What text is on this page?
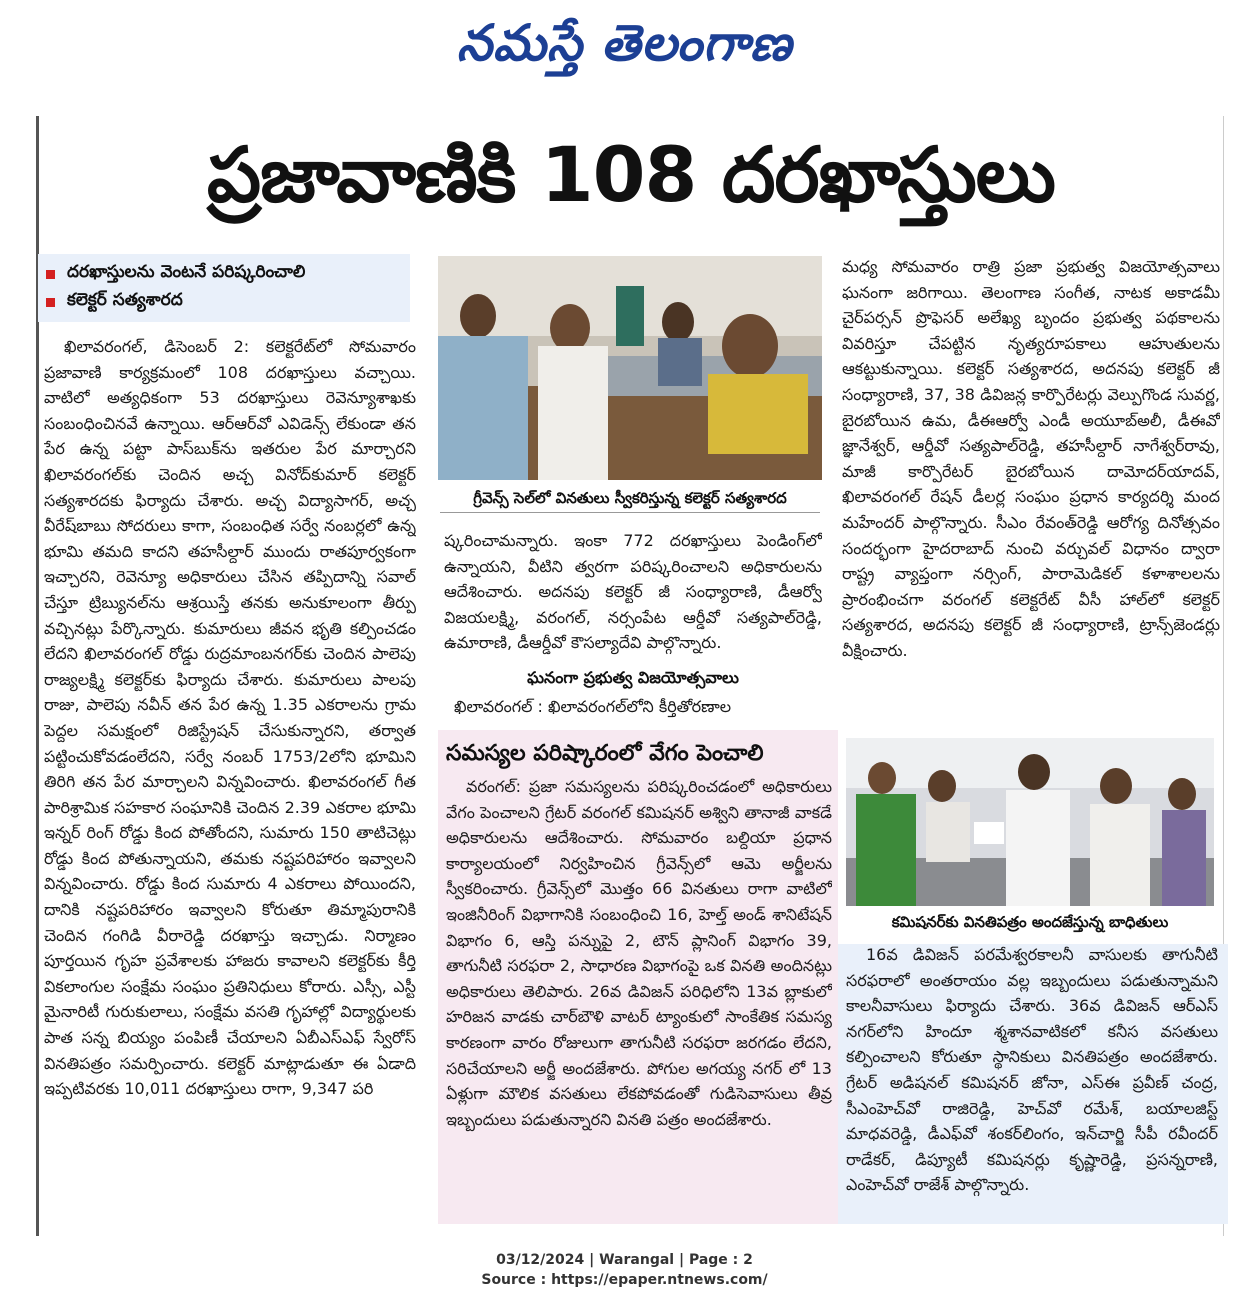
నమస్తే తెలంగాణ
ప్రజావాణికి 108 దరఖాస్తులు
దరఖాస్తులను వెంటనే పరిష్కరించాలి
కలెక్టర్ సత్యశారద

ఖిలావరంగల్, డిసెంబర్ 2: కలెక్టరేట్‌లో సోమవారం ప్రజావాణి కార్యక్రమంలో 108 దరఖాస్తులు వచ్చాయి. వాటిలో అత్యధికంగా 53 దరఖాస్తులు రెవెన్యూశాఖకు సంబంధించినవే ఉన్నాయి. ఆర్‌ఆర్‌వో ఎవిడెన్స్ లేకుండా తన పేర ఉన్న పట్టా పాస్‌బుక్‌ను ఇతరుల పేర మార్చారని ఖిలావరంగల్‌కు చెందిన అచ్చ వినోద్‌కుమార్ కలెక్టర్ సత్యశారదకు ఫిర్యాదు చేశారు. అచ్చ విద్యాసాగర్, అచ్చ వీరేష్‌బాబు సోదరులు కాగా, సంబంధిత సర్వే నంబర్లలో ఉన్న భూమి తమది కాదని తహసీల్దార్ ముందు రాతపూర్వకంగా ఇచ్చారని, రెవెన్యూ అధికారులు చేసిన తప్పిదాన్ని సవాల్ చేస్తూ ట్రిబ్యునల్‌ను ఆశ్రయిస్తే తనకు అనుకూలంగా తీర్పు వచ్చినట్లు పేర్కొన్నారు. కుమారులు జీవన భృతి కల్పించడం లేదని ఖిలావరంగల్ రోడ్డు రుద్రమాంబనగర్‌కు చెందిన పాలెపు రాజ్యలక్ష్మి కలెక్టర్‌కు ఫిర్యాదు చేశారు. కుమారులు పాలపు రాజు, పాలెపు నవీన్ తన పేర ఉన్న 1.35 ఎకరాలను గ్రామ పెద్దల సమక్షంలో రిజిస్ట్రేషన్ చేసుకున్నారని, తర్వాత పట్టించుకోవడంలేదని, సర్వే నంబర్ 1753/2లోని భూమిని తిరిగి తన పేర మార్చాలని విన్నవించారు. ఖిలావరంగల్ గీత పారిశ్రామిక సహకార సంఘానికి చెందిన 2.39 ఎకరాల భూమి ఇన్నర్ రింగ్ రోడ్డు కింద పోతోందని, సుమారు 150 తాటిచెట్లు రోడ్డు కింద పోతున్నాయని, తమకు నష్టపరిహారం ఇవ్వాలని విన్నవించారు. రోడ్డు కింద సుమారు 4 ఎకరాలు పోయిందని, దానికి నష్టపరిహారం ఇవ్వాలని కోరుతూ తిమ్మాపురానికి చెందిన గంగిడి వీరారెడ్డి దరఖాస్తు ఇచ్చాడు. నిర్మాణం పూర్తయిన గృహ ప్రవేశాలకు హాజరు కావాలని కలెక్టర్‌కు కీర్తి వికలాంగుల సంక్షేమ సంఘం ప్రతినిధులు కోరారు. ఎస్సీ, ఎస్టీ మైనారిటీ గురుకులాలు, సంక్షేమ వసతి గృహాల్లో విద్యార్థులకు పాత సన్న బియ్యం పంపిణీ చేయాలని ఏబీఎస్‌ఎఫ్ స్వేరోస్ వినతిపత్రం సమర్పించారు. కలెక్టర్ మాట్లాడుతూ ఈ ఏడాది ఇప్పటివరకు 10,011 దరఖాస్తులు రాగా, 9,347 పరి

గ్రీవెన్స్ సెల్‌లో వినతులు స్వీకరిస్తున్న కలెక్టర్ సత్యశారద

ష్కరించామన్నారు. ఇంకా 772 దరఖాస్తులు పెండింగ్‌లో ఉన్నాయని, వీటిని త్వరగా పరిష్కరించాలని అధికారులను ఆదేశించారు. అదనపు కలెక్టర్ జీ సంధ్యారాణి, డీఆర్వో విజయలక్ష్మి, వరంగల్, నర్సంపేట ఆర్డీవో సత్యపాల్‌రెడ్డి, ఉమారాణి, డీఆర్డీవో కౌసల్యాదేవి పాల్గొన్నారు.

ఘనంగా ప్రభుత్వ విజయోత్సవాలు

ఖిలావరంగల్ : ఖిలావరంగల్‌లోని కీర్తితోరణాల

మధ్య సోమవారం రాత్రి ప్రజా ప్రభుత్వ విజయోత్సవాలు ఘనంగా జరిగాయి. తెలంగాణ సంగీత, నాటక అకాడమీ చైర్‌పర్సన్ ప్రొఫెసర్ అలేఖ్య బృందం ప్రభుత్వ పథకాలను వివరిస్తూ చేపట్టిన నృత్యరూపకాలు ఆహుతులను ఆకట్టుకున్నాయి. కలెక్టర్ సత్యశారద, అదనపు కలెక్టర్ జీ సంధ్యారాణి, 37, 38 డివిజన్ల కార్పొరేటర్లు వెల్పుగొండ సువర్ణ, బైరబోయిన ఉమ, డీఈఆర్వో ఎండీ అయూబ్‌అలీ, డీఈవో జ్ఞానేశ్వర్, ఆర్డీవో సత్యపాల్‌రెడ్డి, తహసీల్దార్ నాగేశ్వర్‌రావు, మాజీ కార్పొరేటర్ బైరబోయిన దామోదర్‌యాదవ్, ఖిలావరంగల్ రేషన్ డీలర్ల సంఘం ప్రధాన కార్యదర్శి మంద మహేందర్ పాల్గొన్నారు. సీఎం రేవంత్‌రెడ్డి ఆరోగ్య దినోత్సవం సందర్భంగా హైదరాబాద్ నుంచి వర్చువల్ విధానం ద్వారా రాష్ట్ర వ్యాప్తంగా నర్సింగ్, పారామెడికల్ కళాశాలలను ప్రారంభించగా వరంగల్ కలెక్టరేట్ వీసీ హాల్‌లో కలెక్టర్ సత్యశారద, అదనపు కలెక్టర్ జీ సంధ్యారాణి, ట్రాన్స్‌జెండర్లు వీక్షించారు.

సమస్యల పరిష్కారంలో వేగం పెంచాలి

వరంగల్: ప్రజా సమస్యలను పరిష్కరించడంలో అధికారులు వేగం పెంచాలని గ్రేటర్ వరంగల్ కమిషనర్ అశ్విని తానాజీ వాకడే అధికారులను ఆదేశించారు. సోమవారం బల్దియా ప్రధాన కార్యాలయంలో నిర్వహించిన గ్రీవెన్స్‌లో ఆమె అర్జీలను స్వీకరించారు. గ్రీవెన్స్‌లో మొత్తం 66 వినతులు రాగా వాటిలో ఇంజినీరింగ్ విభాగానికి సంబంధించి 16, హెల్త్ అండ్ శానిటేషన్ విభాగం 6, ఆస్తి పన్నుపై 2, టౌన్ ప్లానింగ్ విభాగం 39, తాగునీటి సరఫరా 2, సాధారణ విభాగంపై ఒక వినతి అందినట్లు అధికారులు తెలిపారు. 26వ డివిజన్ పరిధిలోని 13వ బ్లాకులో హరిజన వాడకు చార్‌బౌళి వాటర్ ట్యాంకులో సాంకేతిక సమస్య కారణంగా వారం రోజులుగా తాగునీటి సరఫరా జరగడం లేదని, సరిచేయాలని అర్జీ అందజేశారు. పోగుల అగయ్య నగర్ లో 13 ఏళ్లుగా మౌలిక వసతులు లేకపోవడంతో గుడిసెవాసులు తీవ్ర ఇబ్బందులు పడుతున్నారని వినతి పత్రం అందజేశారు.

కమిషనర్‌కు వినతిపత్రం అందజేస్తున్న బాధితులు

16వ డివిజన్ పరమేశ్వరకాలనీ వాసులకు తాగునీటి సరఫరాలో అంతరాయం వల్ల ఇబ్బందులు పడుతున్నామని కాలనీవాసులు ఫిర్యాదు చేశారు. 36వ డివిజన్ ఆర్‌ఎస్ నగర్‌లోని హిందూ శ్మశానవాటికలో కనీస వసతులు కల్పించాలని కోరుతూ స్థానికులు వినతిపత్రం అందజేశారు. గ్రేటర్ అడిషనల్ కమిషనర్ జోనా, ఎస్‌ఈ ప్రవీణ్ చంద్ర, సీఎంహెచ్‌వో రాజిరెడ్డి, హెచ్‌వో రమేశ్, బయాలజిస్ట్ మాధవరెడ్డి, డీఎఫ్‌వో శంకర్‌లింగం, ఇన్‌చార్జి సీపీ రవీందర్ రాడేకర్, డిప్యూటీ కమిషనర్లు కృష్ణారెడ్డి, ప్రసన్నరాణి, ఎంహెచ్‌వో రాజేశ్ పాల్గొన్నారు.

03/12/2024 | Warangal | Page : 2
Source : https://epaper.ntnews.com/
